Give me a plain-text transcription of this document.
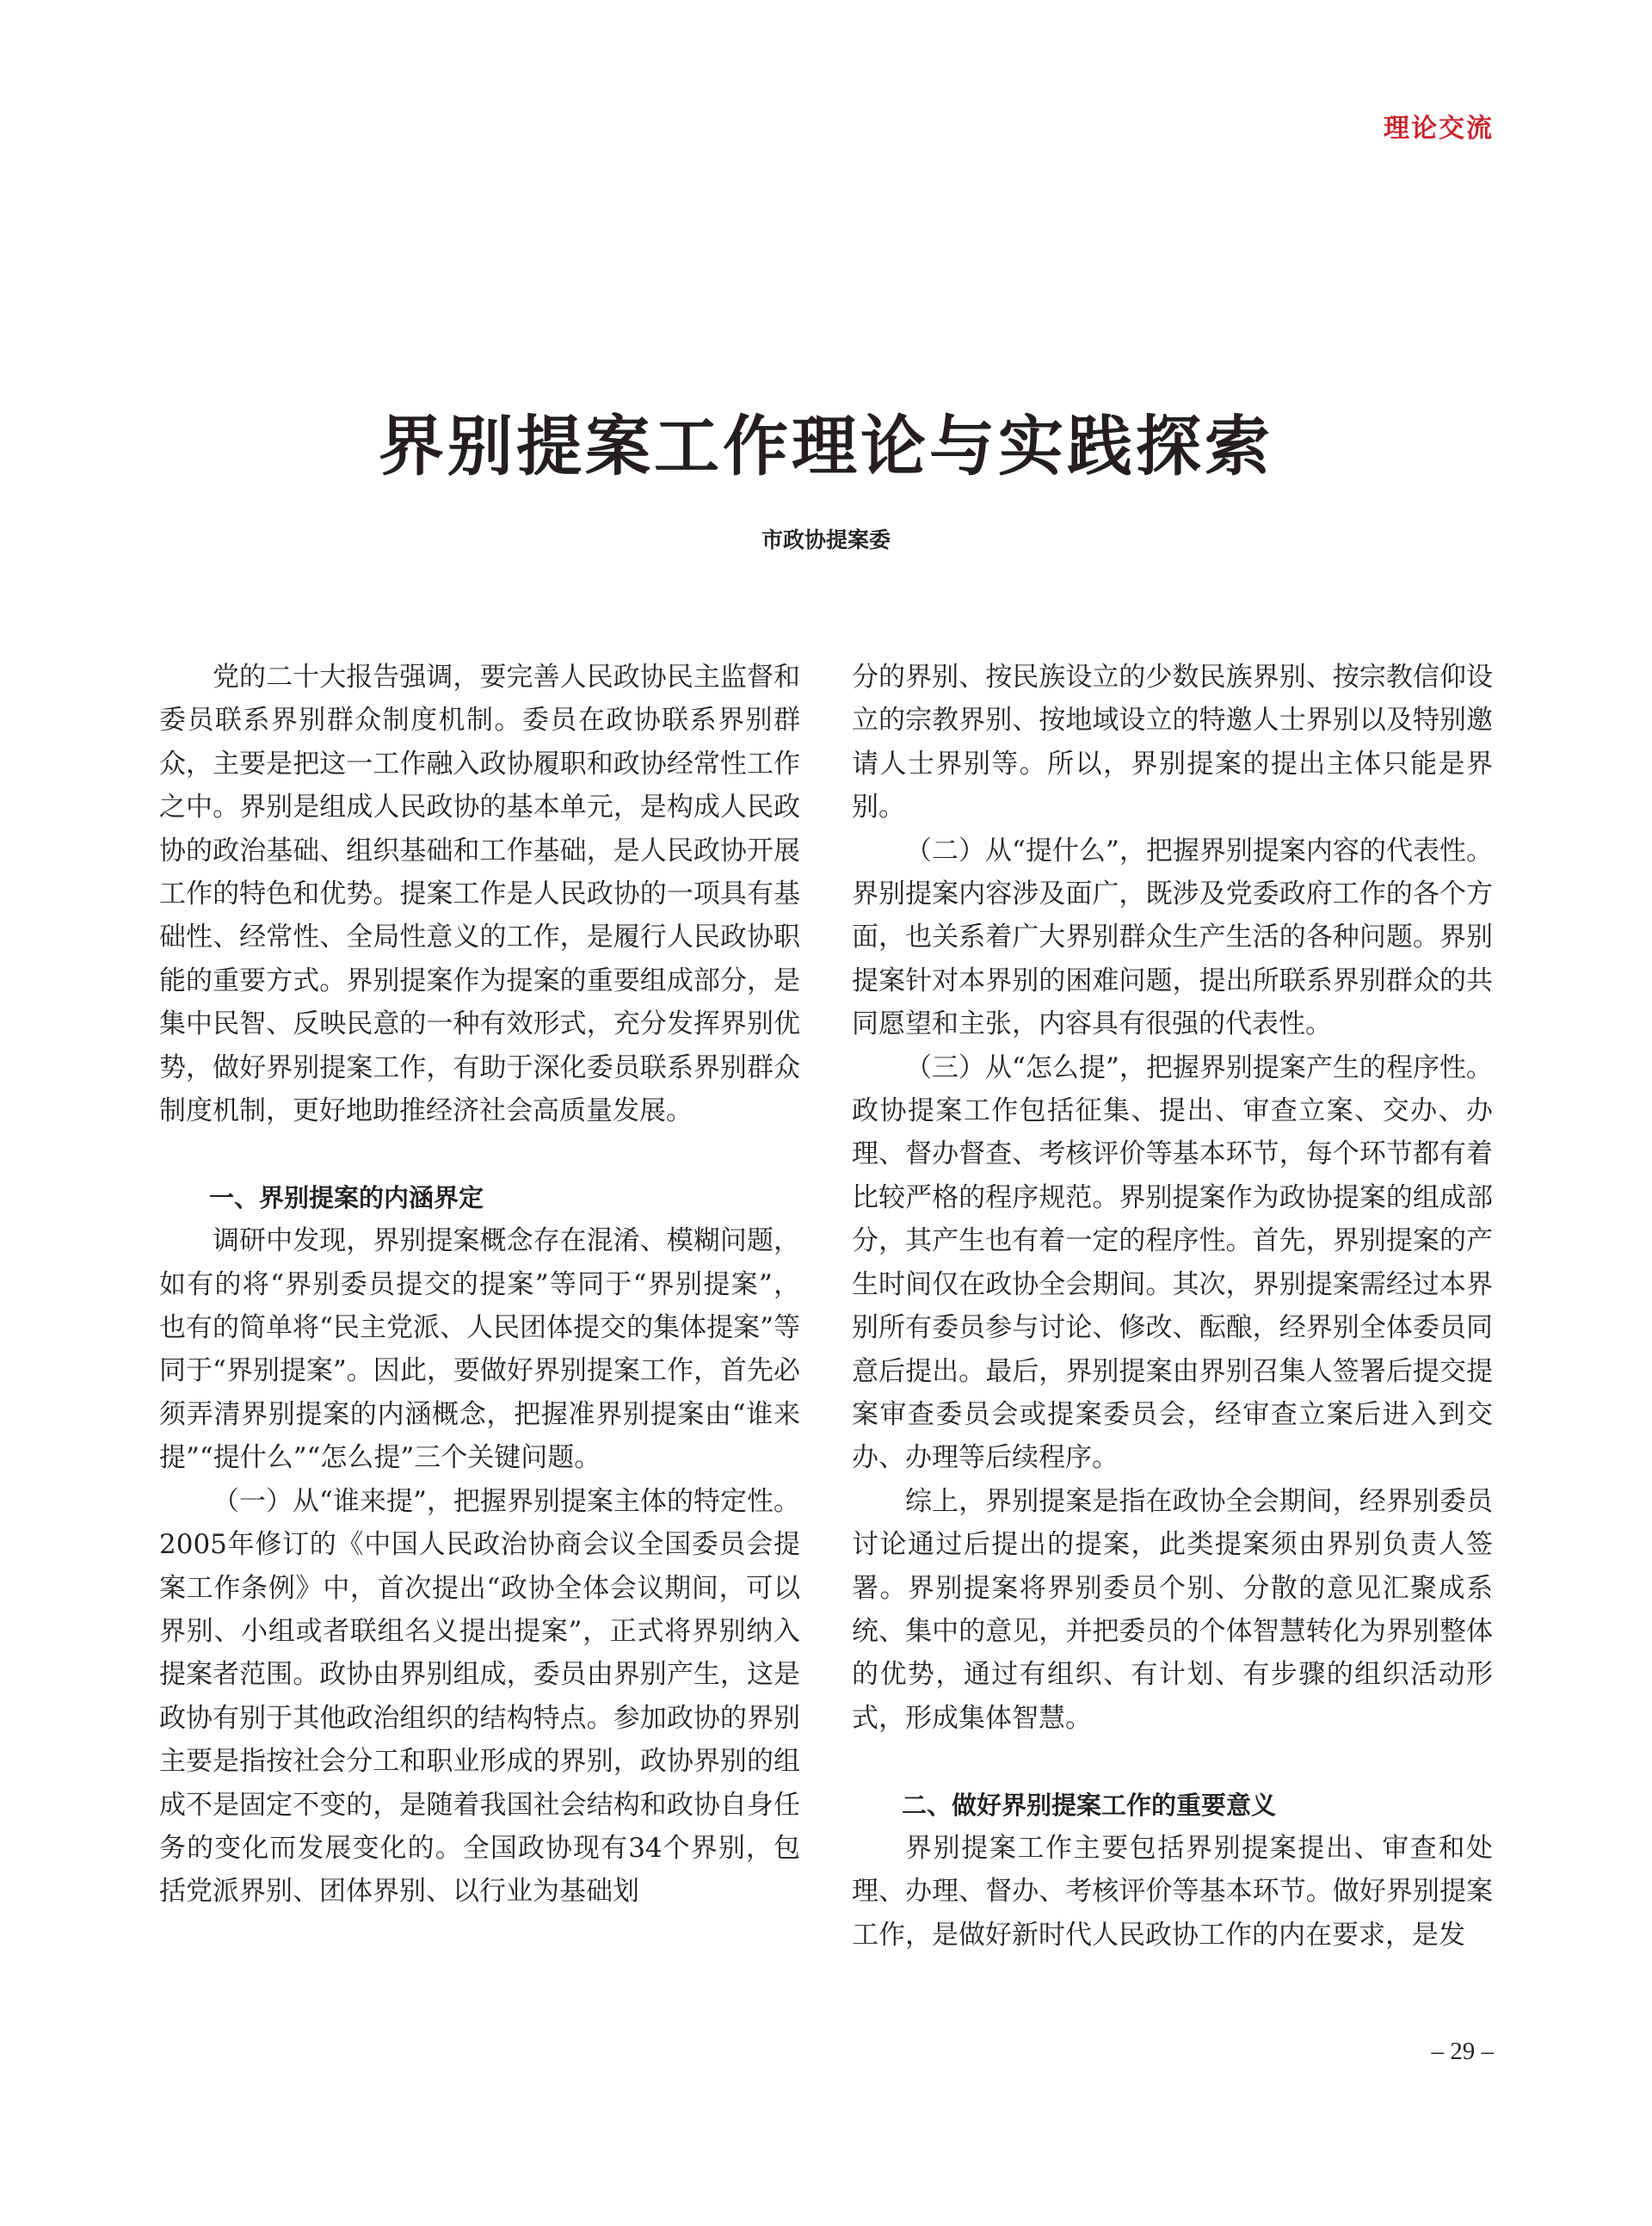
理论交流
界别提案工作理论与实践探索
市政协提案委

党的二十大报告强调，要完善人民政协民主监督和委员联系界别群众制度机制。委员在政协联系界别群众，主要是把这一工作融入政协履职和政协经常性工作之中。界别是组成人民政协的基本单元，是构成人民政协的政治基础、组织基础和工作基础，是人民政协开展工作的特色和优势。提案工作是人民政协的一项具有基础性、经常性、全局性意义的工作，是履行人民政协职能的重要方式。界别提案作为提案的重要组成部分，是集中民智、反映民意的一种有效形式，充分发挥界别优势，做好界别提案工作，有助于深化委员联系界别群众制度机制，更好地助推经济社会高质量发展。

一、界别提案的内涵界定

调研中发现，界别提案概念存在混淆、模糊问题，如有的将“界别委员提交的提案”等同于“界别提案”，也有的简单将“民主党派、人民团体提交的集体提案”等同于“界别提案”。因此，要做好界别提案工作，首先必须弄清界别提案的内涵概念，把握准界别提案由“谁来提”“提什么”“怎么提”三个关键问题。

（一）从“谁来提”，把握界别提案主体的特定性。2005年修订的《中国人民政治协商会议全国委员会提案工作条例》中，首次提出“政协全体会议期间，可以界别、小组或者联组名义提出提案”，正式将界别纳入提案者范围。政协由界别组成，委员由界别产生，这是政协有别于其他政治组织的结构特点。参加政协的界别主要是指按社会分工和职业形成的界别，政协界别的组成不是固定不变的，是随着我国社会结构和政协自身任务的变化而发展变化的。全国政协现有34个界别，包括党派界别、团体界别、以行业为基础划

分的界别、按民族设立的少数民族界别、按宗教信仰设立的宗教界别、按地域设立的特邀人士界别以及特别邀请人士界别等。所以，界别提案的提出主体只能是界别。

（二）从“提什么”，把握界别提案内容的代表性。界别提案内容涉及面广，既涉及党委政府工作的各个方面，也关系着广大界别群众生产生活的各种问题。界别提案针对本界别的困难问题，提出所联系界别群众的共同愿望和主张，内容具有很强的代表性。

（三）从“怎么提”，把握界别提案产生的程序性。政协提案工作包括征集、提出、审查立案、交办、办理、督办督查、考核评价等基本环节，每个环节都有着比较严格的程序规范。界别提案作为政协提案的组成部分，其产生也有着一定的程序性。首先，界别提案的产生时间仅在政协全会期间。其次，界别提案需经过本界别所有委员参与讨论、修改、酝酿，经界别全体委员同意后提出。最后，界别提案由界别召集人签署后提交提案审查委员会或提案委员会，经审查立案后进入到交办、办理等后续程序。

综上，界别提案是指在政协全会期间，经界别委员讨论通过后提出的提案，此类提案须由界别负责人签署。界别提案将界别委员个别、分散的意见汇聚成系统、集中的意见，并把委员的个体智慧转化为界别整体的优势，通过有组织、有计划、有步骤的组织活动形式，形成集体智慧。

二、做好界别提案工作的重要意义

界别提案工作主要包括界别提案提出、审查和处理、办理、督办、考核评价等基本环节。做好界别提案工作，是做好新时代人民政协工作的内在要求，是发

– 29 –
